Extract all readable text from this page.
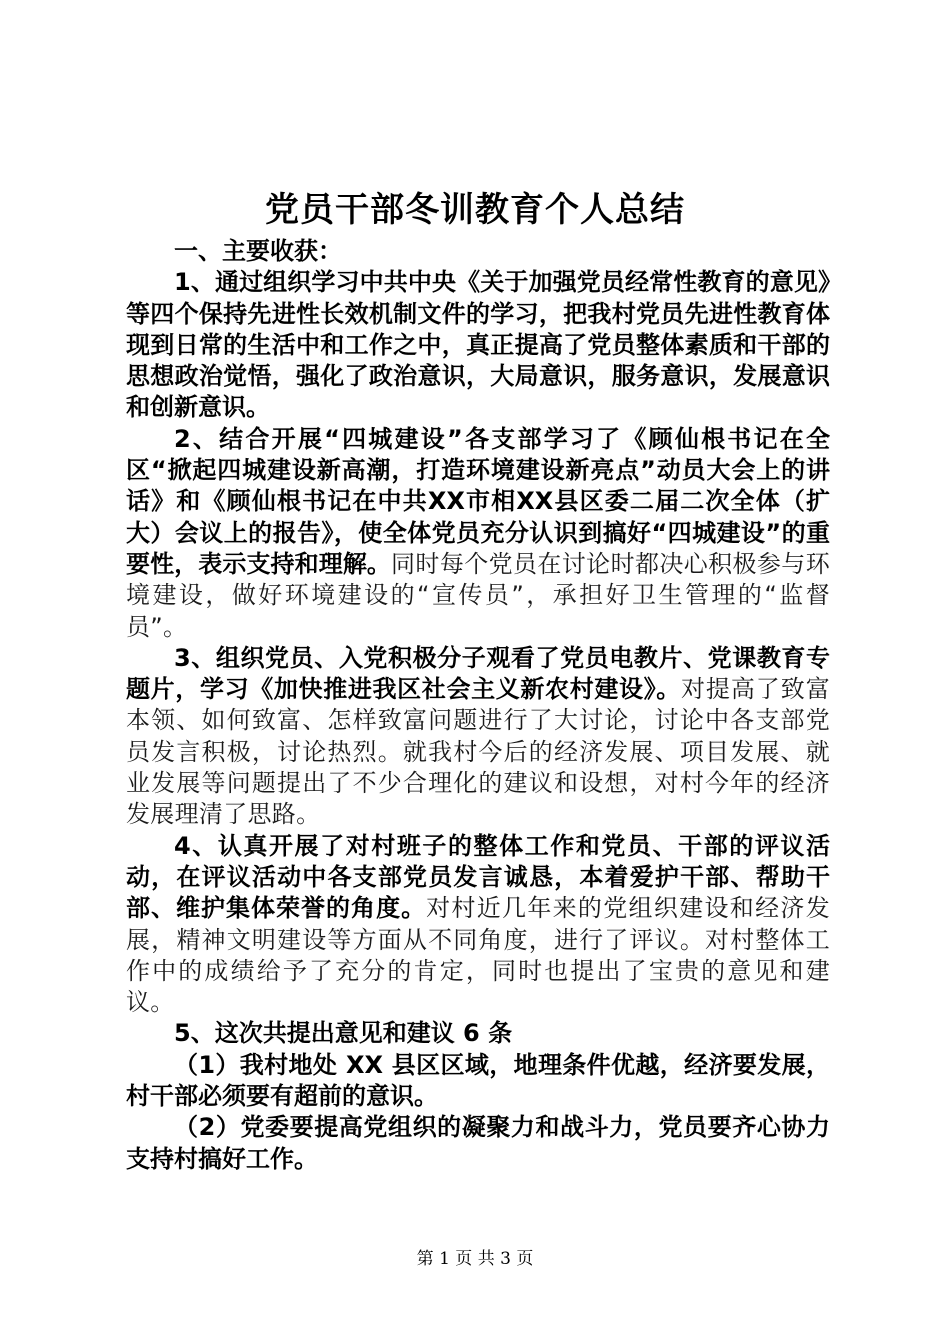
党员干部冬训教育个人总结

一、主要收获：

1、通过组织学习中共中央《关于加强党员经常性教育的意见》等四个保持先进性长效机制文件的学习，把我村党员先进性教育体现到日常的生活中和工作之中，真正提高了党员整体素质和干部的思想政治觉悟，强化了政治意识，大局意识，服务意识，发展意识和创新意识。

2、结合开展“四城建设”各支部学习了《顾仙根书记在全区“掀起四城建设新高潮，打造环境建设新亮点”动员大会上的讲话》和《顾仙根书记在中共XX市相XX县区委二届二次全体（扩大）会议上的报告》，使全体党员充分认识到搞好“四城建设”的重要性，表示支持和理解。同时每个党员在讨论时都决心积极参与环境建设，做好环境建设的“宣传员”，承担好卫生管理的“监督员”。

3、组织党员、入党积极分子观看了党员电教片、党课教育专题片，学习《加快推进我区社会主义新农村建设》。对提高了致富本领、如何致富、怎样致富问题进行了大讨论，讨论中各支部党员发言积极，讨论热烈。就我村今后的经济发展、项目发展、就业发展等问题提出了不少合理化的建议和设想，对村今年的经济发展理清了思路。

4、认真开展了对村班子的整体工作和党员、干部的评议活动，在评议活动中各支部党员发言诚恳，本着爱护干部、帮助干部、维护集体荣誉的角度。对村近几年来的党组织建设和经济发展，精神文明建设等方面从不同角度，进行了评议。对村整体工作中的成绩给予了充分的肯定，同时也提出了宝贵的意见和建议。

5、这次共提出意见和建议 6 条

（1）我村地处 XX 县区区域，地理条件优越，经济要发展，村干部必须要有超前的意识。

（2）党委要提高党组织的凝聚力和战斗力，党员要齐心协力支持村搞好工作。

第 1 页 共 3 页
